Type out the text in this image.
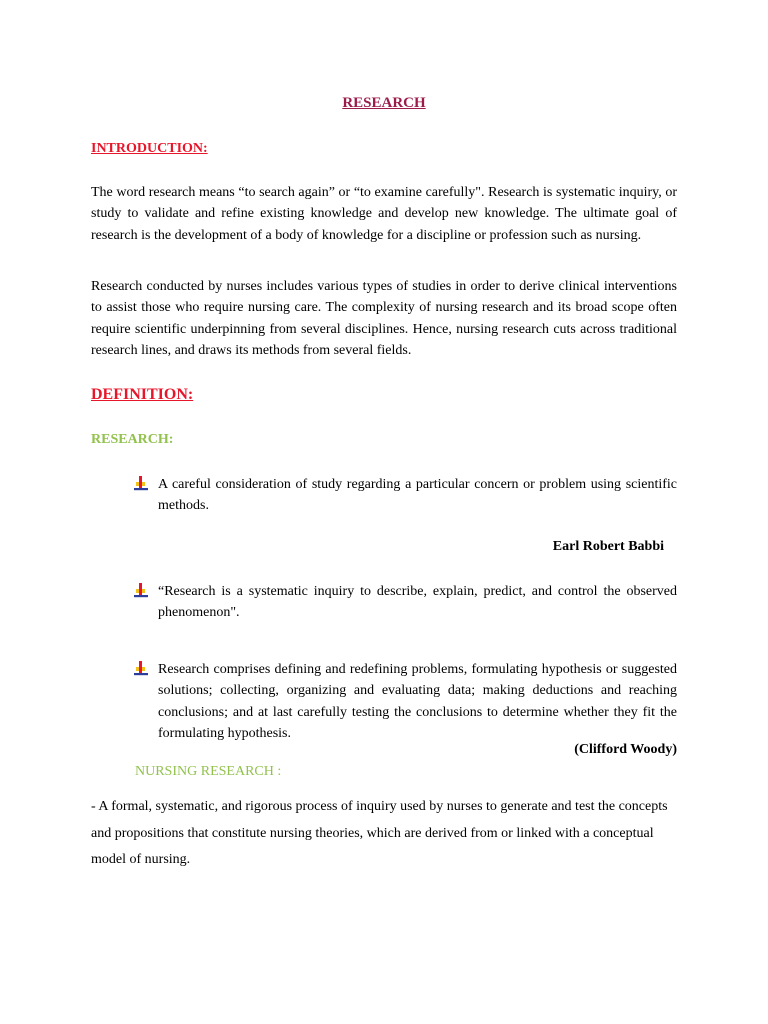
RESEARCH
INTRODUCTION:

The word research means “to search again” or “to examine carefully". Research is systematic inquiry, or study to validate and refine existing knowledge and develop new knowledge. The ultimate goal of research is the development of a body of knowledge for a discipline or profession such as nursing.

Research conducted by nurses includes various types of studies in order to derive clinical interventions to assist those who require nursing care. The complexity of nursing research and its broad scope often require scientific underpinning from several disciplines. Hence, nursing research cuts across traditional research lines, and draws its methods from several fields.

DEFINITION:
RESEARCH:
A careful consideration of study regarding a particular concern or problem using scientific methods.
Earl Robert Babbi
“Research is a systematic inquiry to describe, explain, predict, and control the observed phenomenon".
Research comprises defining and redefining problems, formulating hypothesis or suggested solutions; collecting, organizing and evaluating data; making deductions and reaching conclusions; and at last carefully testing the conclusions to determine whether they fit the formulating hypothesis.
(Clifford Woody)
NURSING RESEARCH :

- A formal, systematic, and rigorous process of inquiry used by nurses to generate and test the concepts and propositions that constitute nursing theories, which are derived from or linked with a conceptual model of nursing.
